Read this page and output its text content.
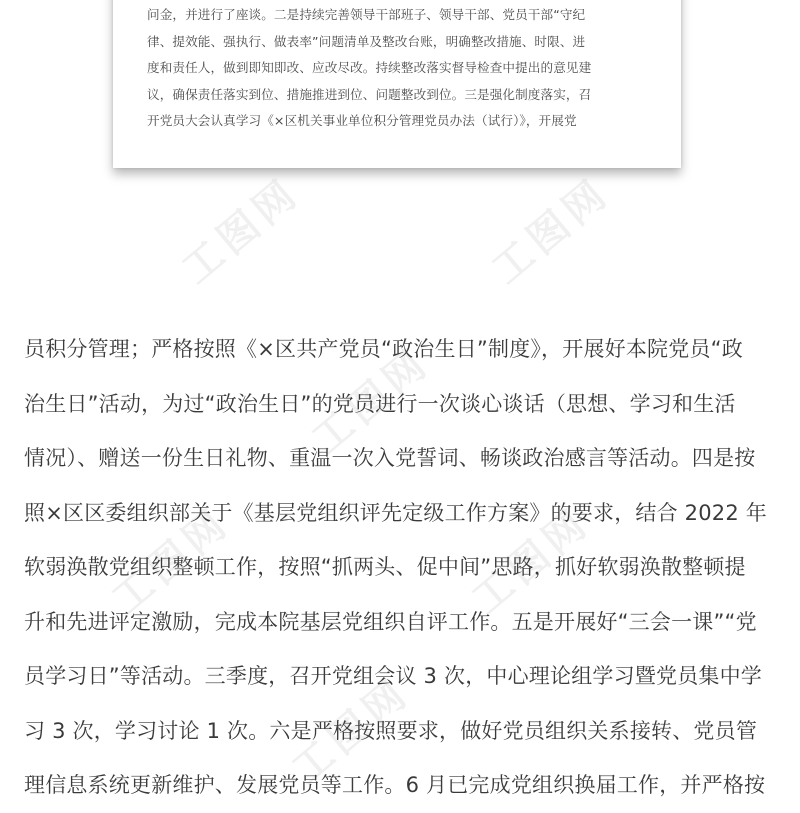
问金，并进行了座谈。二是持续完善领导干部班子、领导干部、党员干部“守纪
律、提效能、强执行、做表率”问题清单及整改台账，明确整改措施、时限、进
度和责任人，做到即知即改、应改尽改。持续整改落实督导检查中提出的意见建
议，确保责任落实到位、措施推进到位、问题整改到位。三是强化制度落实，召
开党员大会认真学习《×区机关事业单位积分管理党员办法（试行）》，开展党

工图网	工图网
工图网
工图网	工图网
工图网
员积分管理；严格按照《×区共产党员“政治生日”制度》，开展好本院党员“政
治生日”活动，为过“政治生日”的党员进行一次谈心谈话（思想、学习和生活
情况）、赠送一份生日礼物、重温一次入党誓词、畅谈政治感言等活动。四是按
照×区区委组织部关于《基层党组织评先定级工作方案》的要求，结合 2022 年
软弱涣散党组织整顿工作，按照“抓两头、促中间”思路，抓好软弱涣散整顿提
升和先进评定激励，完成本院基层党组织自评工作。五是开展好“三会一课”“党
员学习日”等活动。三季度，召开党组会议 3 次，中心理论组学习暨党员集中学
习 3 次，学习讨论 1 次。六是严格按照要求，做好党员组织关系接转、党员管
理信息系统更新维护、发展党员等工作。6 月已完成党组织换届工作，并严格按
